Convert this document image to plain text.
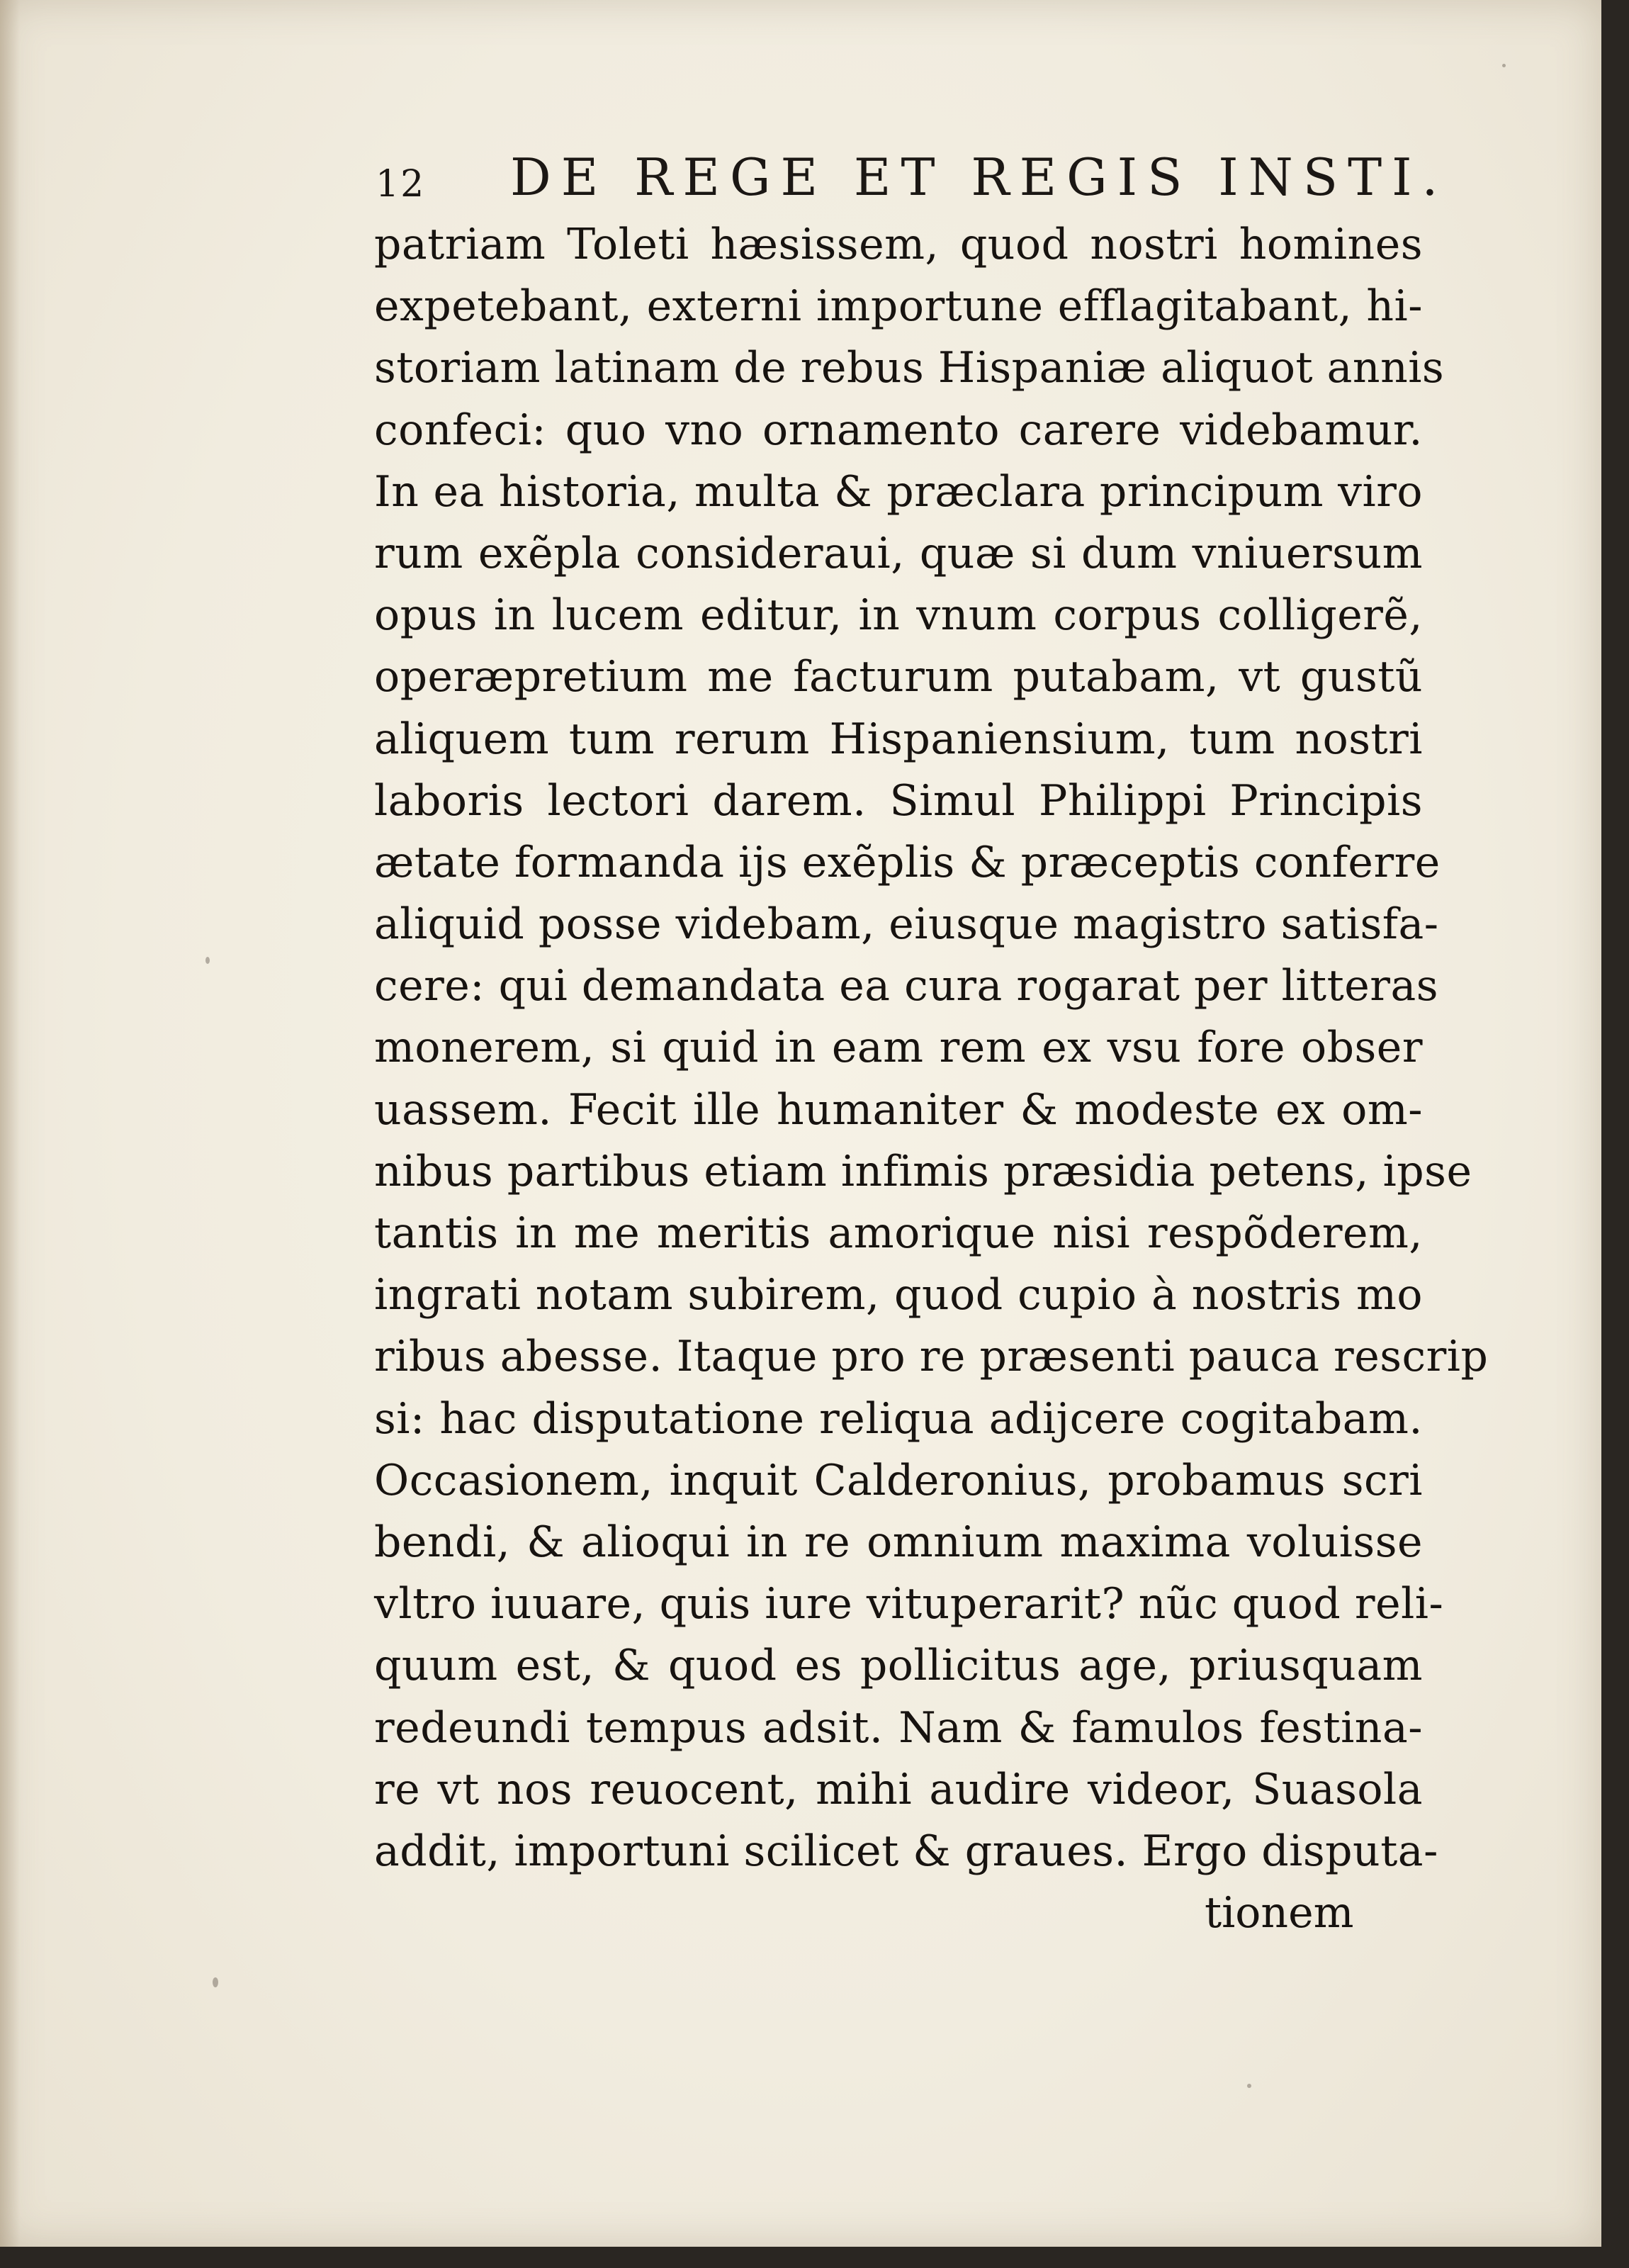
12 DE REGE ET REGIS INSTI.
patriam Toleti hæsissem, quod nostri homines
expetebant, externi importune efflagitabant, hi-
storiam latinam de rebus Hispaniæ aliquot annis
confeci: quo vno ornamento carere videbamur.
In ea historia, multa & præclara principum viro
rum exẽpla consideraui, quæ si dum vniuersum
opus in lucem editur, in vnum corpus colligerẽ,
operæpretium me facturum putabam, vt gustũ
aliquem tum rerum Hispaniensium, tum nostri
laboris lectori darem. Simul Philippi Principis
ætate formanda ijs exẽplis & præceptis conferre
aliquid posse videbam, eiusque magistro satisfa-
cere: qui demandata ea cura rogarat per litteras
monerem, si quid in eam rem ex vsu fore obser
uassem. Fecit ille humaniter & modeste ex om-
nibus partibus etiam infimis præsidia petens, ipse
tantis in me meritis amorique nisi respõderem,
ingrati notam subirem, quod cupio à nostris mo
ribus abesse. Itaque pro re præsenti pauca rescrip
si: hac disputatione reliqua adijcere cogitabam.
Occasionem, inquit Calderonius, probamus scri
bendi, & alioqui in re omnium maxima voluisse
vltro iuuare, quis iure vituperarit? nũc quod reli-
quum est, & quod es pollicitus age, priusquam
redeundi tempus adsit. Nam & famulos festina-
re vt nos reuocent, mihi audire videor, Suasola
addit, importuni scilicet & graues. Ergo disputa-
tionem
